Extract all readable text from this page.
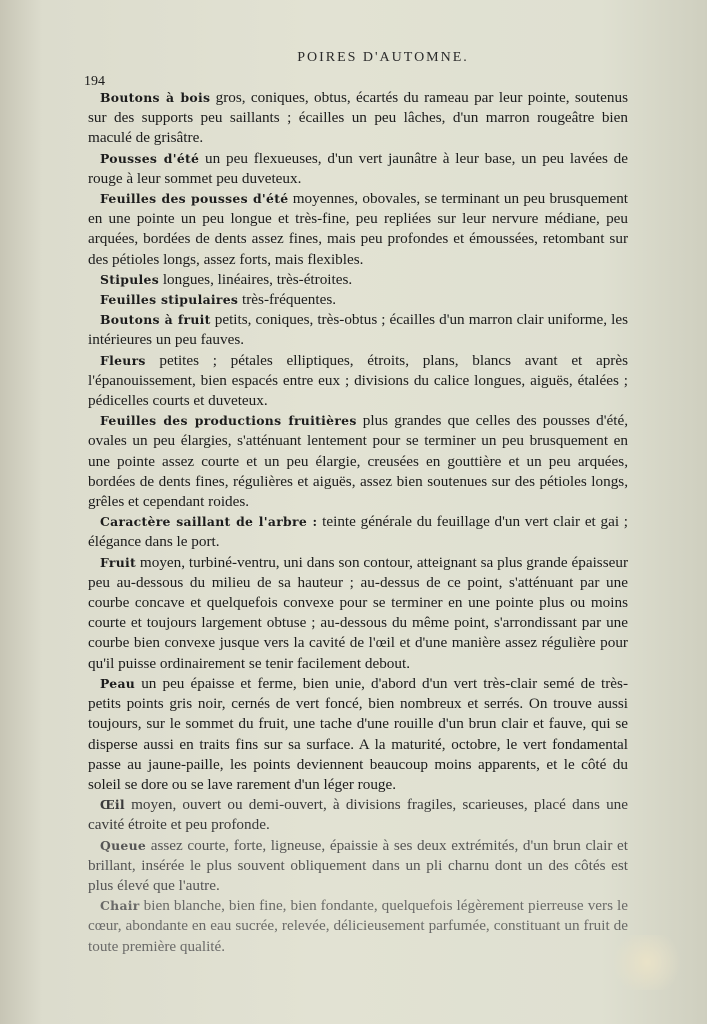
POIRES D'AUTOMNE.
194

Boutons à bois gros, coniques, obtus, écartés du rameau par leur pointe, soutenus sur des supports peu saillants ; écailles un peu lâches, d'un marron rougeâtre bien maculé de grisâtre.

Pousses d'été un peu flexueuses, d'un vert jaunâtre à leur base, un peu lavées de rouge à leur sommet peu duveteux.

Feuilles des pousses d'été moyennes, obovales, se terminant un peu brusquement en une pointe un peu longue et très-fine, peu repliées sur leur nervure médiane, peu arquées, bordées de dents assez fines, mais peu profondes et émoussées, retombant sur des pétioles longs, assez forts, mais flexibles.

Stipules longues, linéaires, très-étroites.

Feuilles stipulaires très-fréquentes.

Boutons à fruit petits, coniques, très-obtus ; écailles d'un marron clair uniforme, les intérieures un peu fauves.

Fleurs petites ; pétales elliptiques, étroits, plans, blancs avant et après l'épanouissement, bien espacés entre eux ; divisions du calice longues, aiguës, étalées ; pédicelles courts et duveteux.

Feuilles des productions fruitières plus grandes que celles des pousses d'été, ovales un peu élargies, s'atténuant lentement pour se terminer un peu brusquement en une pointe assez courte et un peu élargie, creusées en gouttière et un peu arquées, bordées de dents fines, régulières et aiguës, assez bien soutenues sur des pétioles longs, grêles et cependant roides.

Caractère saillant de l'arbre : teinte générale du feuillage d'un vert clair et gai ; élégance dans le port.

Fruit moyen, turbiné-ventru, uni dans son contour, atteignant sa plus grande épaisseur peu au-dessous du milieu de sa hauteur ; au-dessus de ce point, s'atténuant par une courbe concave et quelquefois convexe pour se terminer en une pointe plus ou moins courte et toujours largement obtuse ; au-dessous du même point, s'arrondissant par une courbe bien convexe jusque vers la cavité de l'œil et d'une manière assez régulière pour qu'il puisse ordinairement se tenir facilement debout.

Peau un peu épaisse et ferme, bien unie, d'abord d'un vert très-clair semé de très-petits points gris noir, cernés de vert foncé, bien nombreux et serrés. On trouve aussi toujours, sur le sommet du fruit, une tache d'une rouille d'un brun clair et fauve, qui se disperse aussi en traits fins sur sa surface. A la maturité, octobre, le vert fondamental passe au jaune-paille, les points deviennent beaucoup moins apparents, et le côté du soleil se dore ou se lave rarement d'un léger rouge.

Œil moyen, ouvert ou demi-ouvert, à divisions fragiles, scarieuses, placé dans une cavité étroite et peu profonde.

Queue assez courte, forte, ligneuse, épaissie à ses deux extrémités, d'un brun clair et brillant, insérée le plus souvent obliquement dans un pli charnu dont un des côtés est plus élevé que l'autre.

Chair bien blanche, bien fine, bien fondante, quelquefois légèrement pierreuse vers le cœur, abondante en eau sucrée, relevée, délicieusement parfumée, constituant un fruit de toute première qualité.
